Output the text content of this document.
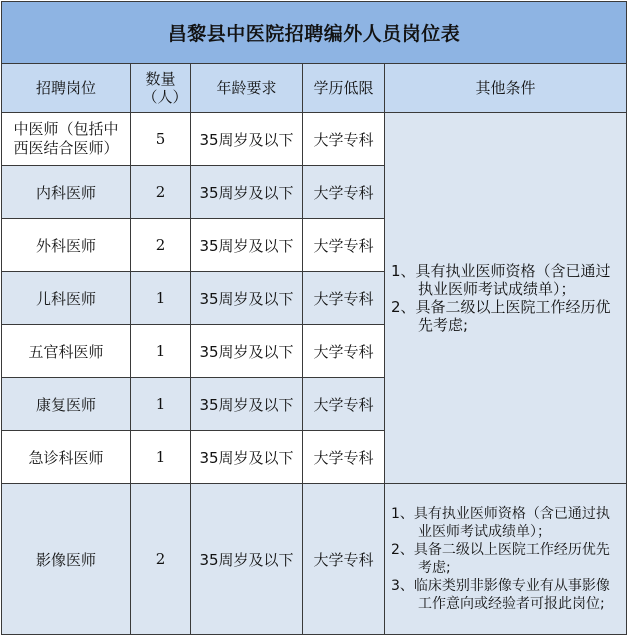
昌黎县中医院招聘编外人员岗位表				
招聘岗位	数量（人）	年龄要求	学历低限	其他条件

中医师（包括中西医结合医师）	5	35周岁及以下	大学专科	1、具有执业医师资格（含已通过执业医师考试成绩单）；

2、具备二级以上医院工作经历优先考虑;

内科医师	2	35周岁及以下	大学专科	
外科医师	2	35周岁及以下	大学专科	
儿科医师	1	35周岁及以下	大学专科	
五官科医师	1	35周岁及以下	大学专科	
康复医师	1	35周岁及以下	大学专科	
急诊科医师	1	35周岁及以下	大学专科	
影像医师	2	35周岁及以下	大学专科	1、具有执业医师资格（含已通过执业医师考试成绩单）；

2、具备二级以上医院工作经历优先考虑;

3、临床类别非影像专业有从事影像工作意向或经验者可报此岗位;
